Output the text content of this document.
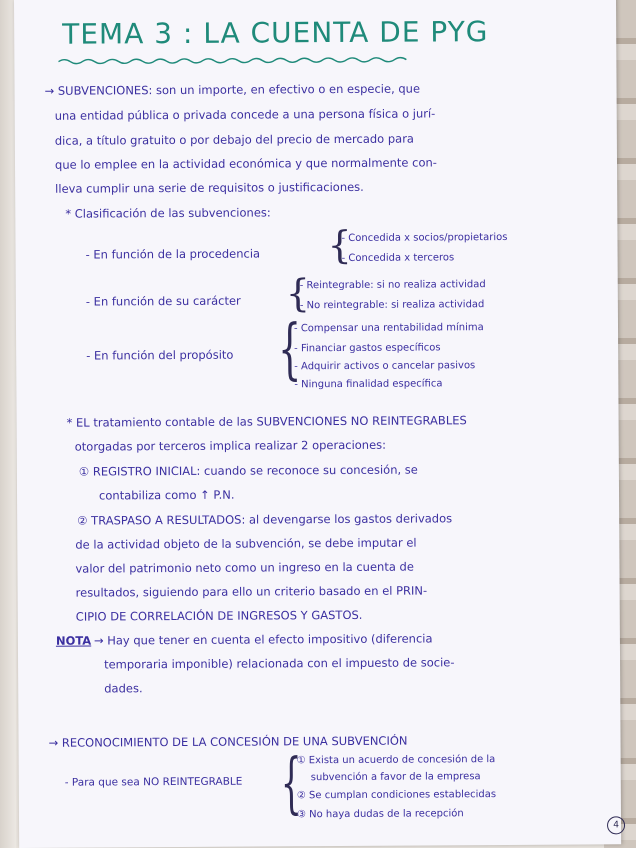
TEMA 3 : LA CUENTA DE PYG
→ SUBVENCIONES: son un importe, en efectivo o en especie, que
una entidad pública o privada concede a una persona física o jurí-
dica, a título gratuito o por debajo del precio de mercado para
que lo emplee en la actividad económica y que normalmente con-
lleva cumplir una serie de requisitos o justificaciones.
* Clasificación de las subvenciones:
- En función de la procedencia {
- Concedida x socios/propietarios
- Concedida x terceros
- En función de su carácter {
- Reintegrable: si no realiza actividad
- No reintegrable: si realiza actividad
- En función del propósito {
- Compensar una rentabilidad mínima
- Financiar gastos específicos
- Adquirir activos o cancelar pasivos
- Ninguna finalidad específica
* EL tratamiento contable de las SUBVENCIONES NO REINTEGRABLES
otorgadas por terceros implica realizar 2 operaciones:
① REGISTRO INICIAL: cuando se reconoce su concesión, se
contabiliza como ↑ P.N.
② TRASPASO A RESULTADOS: al devengarse los gastos derivados
de la actividad objeto de la subvención, se debe imputar el
valor del patrimonio neto como un ingreso en la cuenta de
resultados, siguiendo para ello un criterio basado en el PRIN-
CIPIO DE CORRELACIÓN DE INGRESOS Y GASTOS.
NOTA → Hay que tener en cuenta el efecto impositivo (diferencia
temporaria imponible) relacionada con el impuesto de socie-
dades.
→ RECONOCIMIENTO DE LA CONCESIÓN DE UNA SUBVENCIÓN
- Para que sea NO REINTEGRABLE {
① Exista un acuerdo de concesión de la
subvención a favor de la empresa
② Se cumplan condiciones establecidas
③ No haya dudas de la recepción
4
